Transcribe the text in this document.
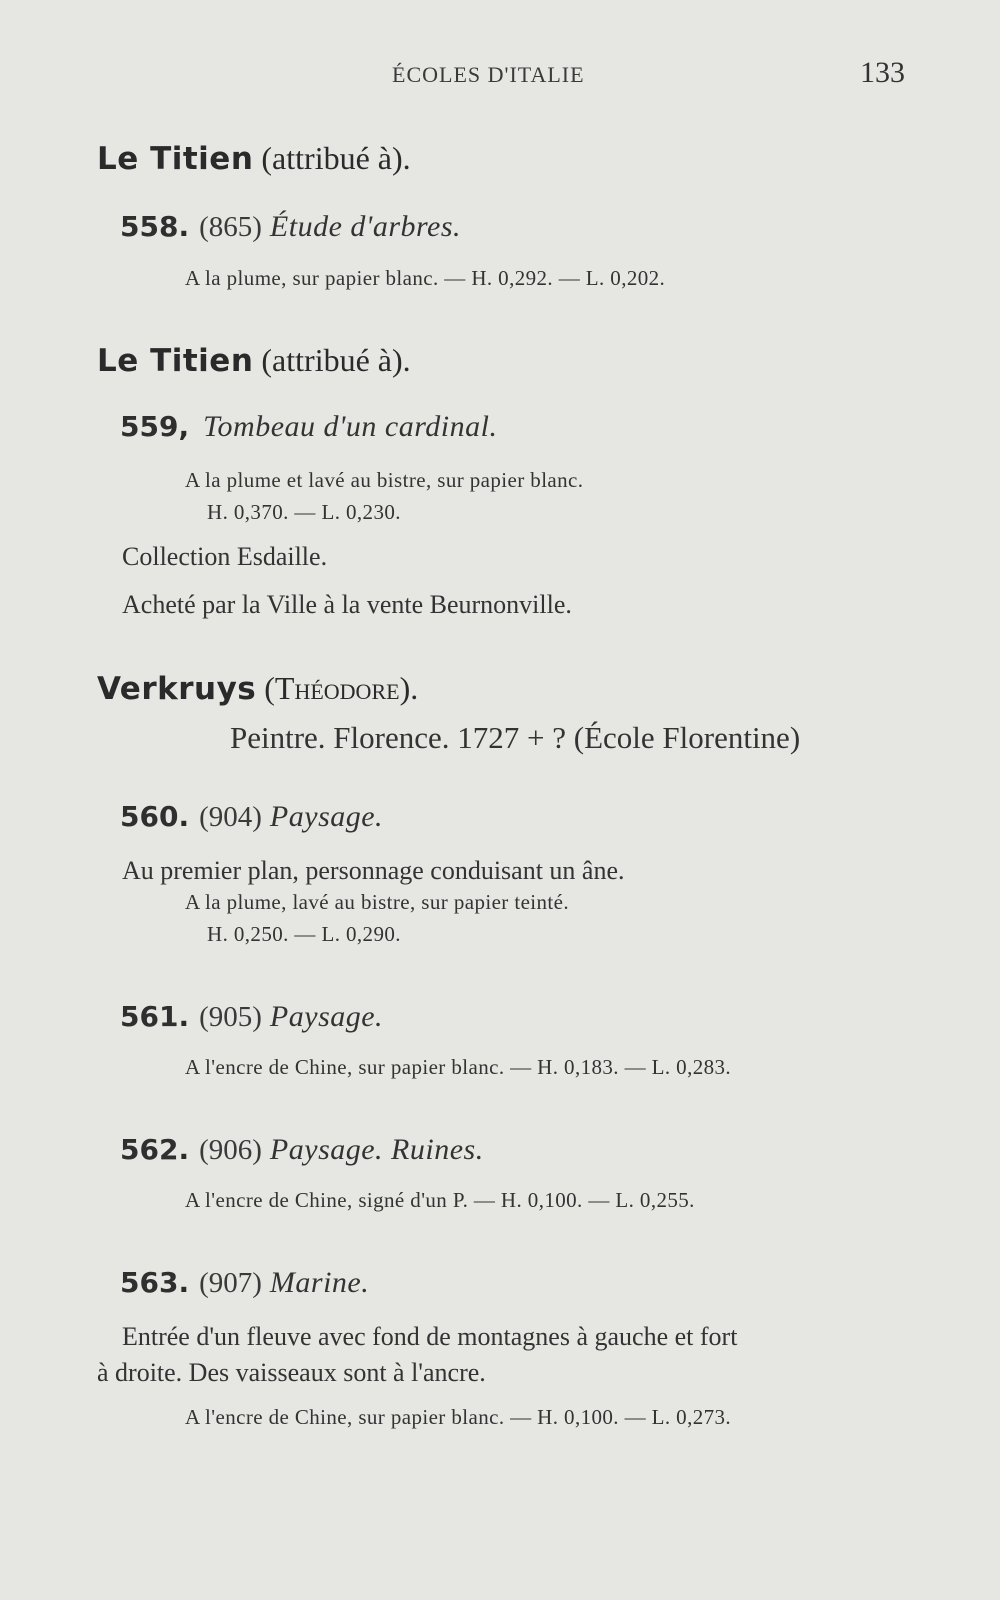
ÉCOLES D'ITALIE	133
Le Titien (attribué à).
558. (865) Étude d'arbres.
A la plume, sur papier blanc. — H. 0,292. — L. 0,202.
Le Titien (attribué à).
559, Tombeau d'un cardinal.
A la plume et lavé au bistre, sur papier blanc.
H. 0,370. — L. 0,230.
Collection Esdaille.
Acheté par la Ville à la vente Beurnonville.
Verkruys (Théodore).
Peintre. Florence. 1727 + ? (École Florentine)
560. (904) Paysage.
Au premier plan, personnage conduisant un âne.
A la plume, lavé au bistre, sur papier teinté.
H. 0,250. — L. 0,290.
561. (905) Paysage.
A l'encre de Chine, sur papier blanc. — H. 0,183. — L. 0,283.
562. (906) Paysage. Ruines.
A l'encre de Chine, signé d'un P. — H. 0,100. — L. 0,255.
563. (907) Marine.
Entrée d'un fleuve avec fond de montagnes à gauche et fort
à droite. Des vaisseaux sont à l'ancre.
A l'encre de Chine, sur papier blanc. — H. 0,100. — L. 0,273.
